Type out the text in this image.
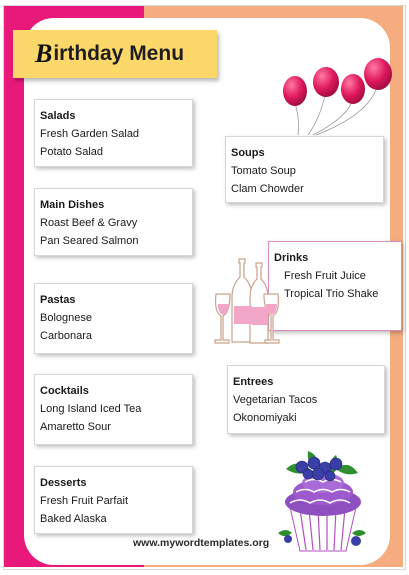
B irthday Menu
Salads
Fresh Garden Salad
Potato Salad
Main Dishes
Roast Beef & Gravy
Pan Seared Salmon
Pastas
Bolognese
Carbonara
Cocktails
Long Island Iced Tea
Amaretto Sour
Desserts
Fresh Fruit Parfait
Baked Alaska
Soups
Tomato Soup
Clam Chowder
Drinks
Fresh Fruit Juice
Tropical Trio Shake
Entrees
Vegetarian Tacos
Okonomiyaki
www.mywordtemplates.org
